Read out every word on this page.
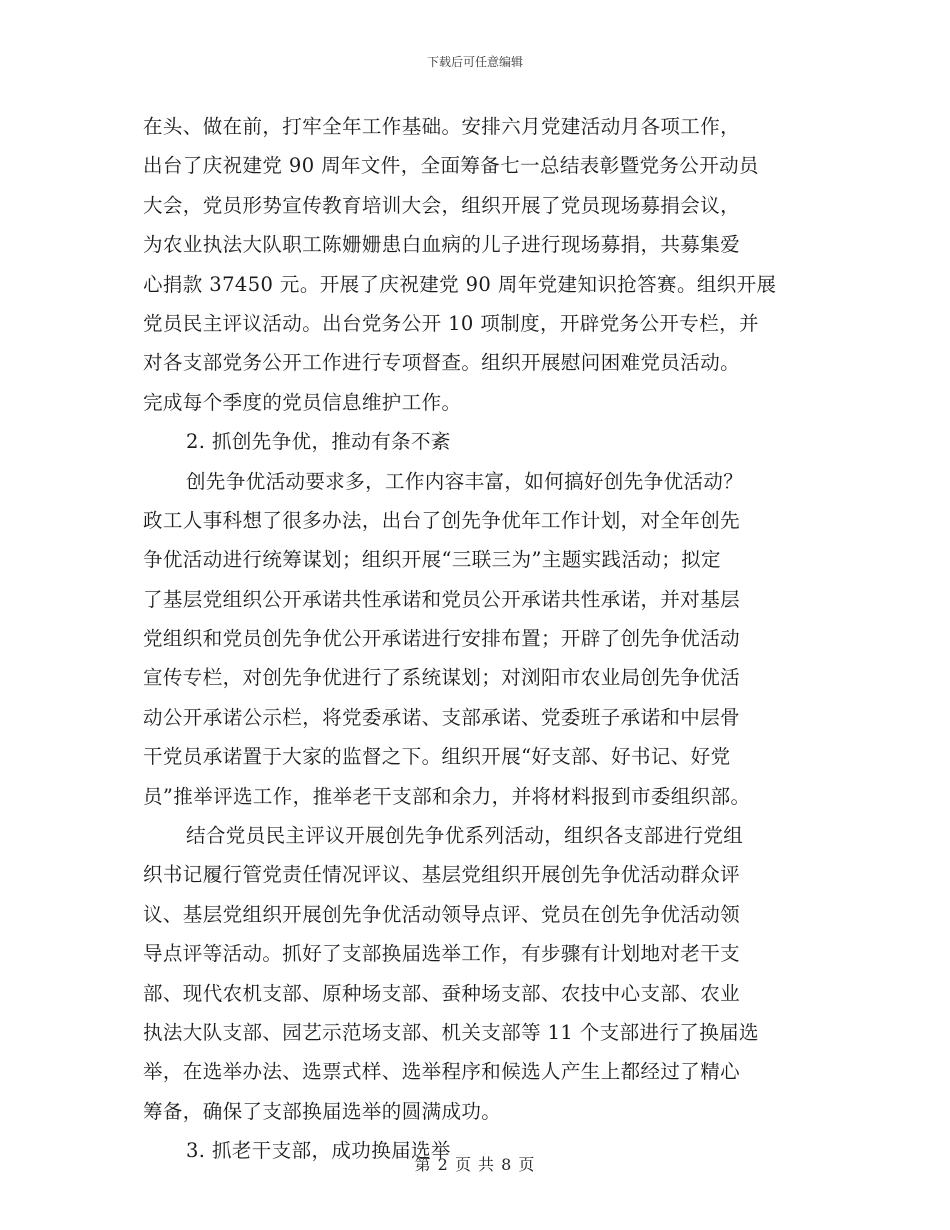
下载后可任意编辑
在头、做在前，打牢全年工作基础。安排六月党建活动月各项工作，
出台了庆祝建党 90 周年文件，全面筹备七一总结表彰暨党务公开动员
大会，党员形势宣传教育培训大会，组织开展了党员现场募捐会议，
为农业执法大队职工陈姗姗患白血病的儿子进行现场募捐，共募集爱
心捐款 37450 元。开展了庆祝建党 90 周年党建知识抢答赛。组织开展
党员民主评议活动。出台党务公开 10 项制度，开辟党务公开专栏，并
对各支部党务公开工作进行专项督查。组织开展慰问困难党员活动。
完成每个季度的党员信息维护工作。
2. 抓创先争优，推动有条不紊
创先争优活动要求多，工作内容丰富，如何搞好创先争优活动？
政工人事科想了很多办法，出台了创先争优年工作计划，对全年创先
争优活动进行统筹谋划；组织开展“三联三为”主题实践活动；拟定
了基层党组织公开承诺共性承诺和党员公开承诺共性承诺，并对基层
党组织和党员创先争优公开承诺进行安排布置；开辟了创先争优活动
宣传专栏，对创先争优进行了系统谋划；对浏阳市农业局创先争优活
动公开承诺公示栏，将党委承诺、支部承诺、党委班子承诺和中层骨
干党员承诺置于大家的监督之下。组织开展“好支部、好书记、好党
员”推举评选工作，推举老干支部和余力，并将材料报到市委组织部。
结合党员民主评议开展创先争优系列活动，组织各支部进行党组
织书记履行管党责任情况评议、基层党组织开展创先争优活动群众评
议、基层党组织开展创先争优活动领导点评、党员在创先争优活动领
导点评等活动。抓好了支部换届选举工作，有步骤有计划地对老干支
部、现代农机支部、原种场支部、蚕种场支部、农技中心支部、农业
执法大队支部、园艺示范场支部、机关支部等 11 个支部进行了换届选
举，在选举办法、选票式样、选举程序和候选人产生上都经过了精心
筹备，确保了支部换届选举的圆满成功。
3. 抓老干支部，成功换届选举
第 2 页 共 8 页
